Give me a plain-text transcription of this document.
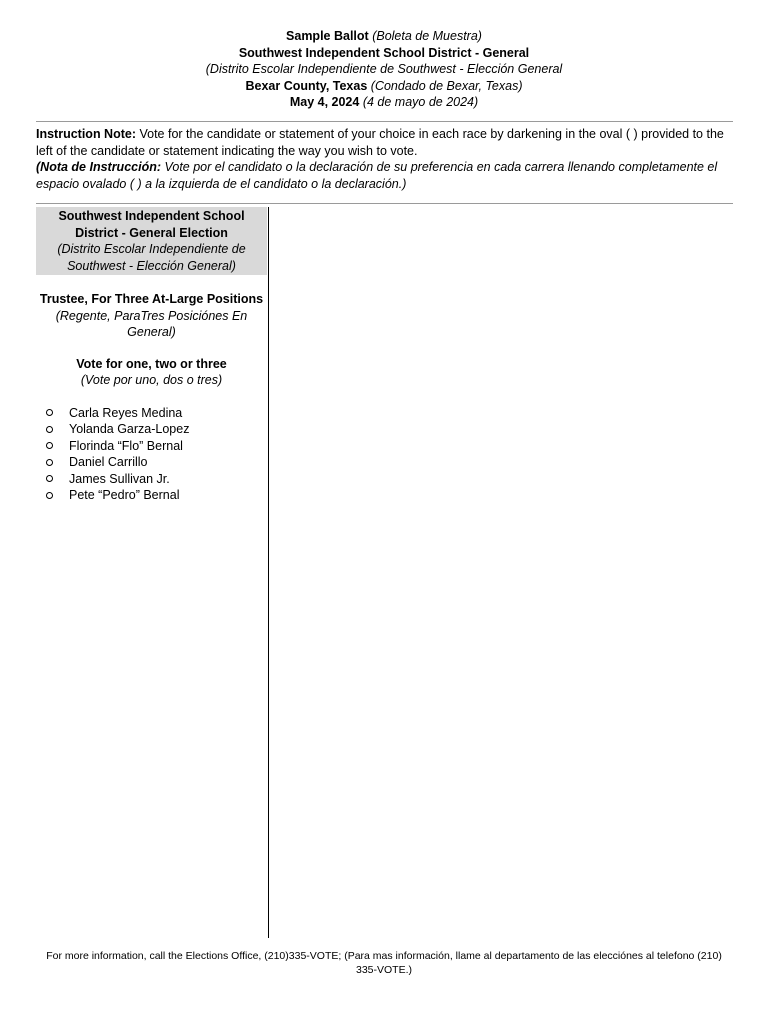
Sample Ballot (Boleta de Muestra)
Southwest Independent School District - General
(Distrito Escolar Independiente de Southwest - Elección General
Bexar County, Texas (Condado de Bexar, Texas)
May 4, 2024 (4 de mayo de 2024)
Instruction Note: Vote for the candidate or statement of your choice in each race by darkening in the oval ( ) provided to the left of the candidate or statement indicating the way you wish to vote.
(Nota de Instrucción: Vote por el candidato o la declaración de su preferencia en cada carrera llenando completamente el espacio ovalado ( ) a la izquierda de el candidato o la declaración.)
Southwest Independent School District - General Election
(Distrito Escolar Independiente de Southwest - Elección General)
Trustee, For Three At-Large Positions
(Regente, ParaTres Posiciónes En General)
Vote for one, two or three
(Vote por uno, dos o tres)
Carla Reyes Medina
Yolanda Garza-Lopez
Florinda “Flo” Bernal
Daniel Carrillo
James Sullivan Jr.
Pete “Pedro” Bernal
For more information, call the Elections Office, (210)335-VOTE; (Para mas información, llame al departamento de las elecciónes al telefono (210) 335-VOTE.)
